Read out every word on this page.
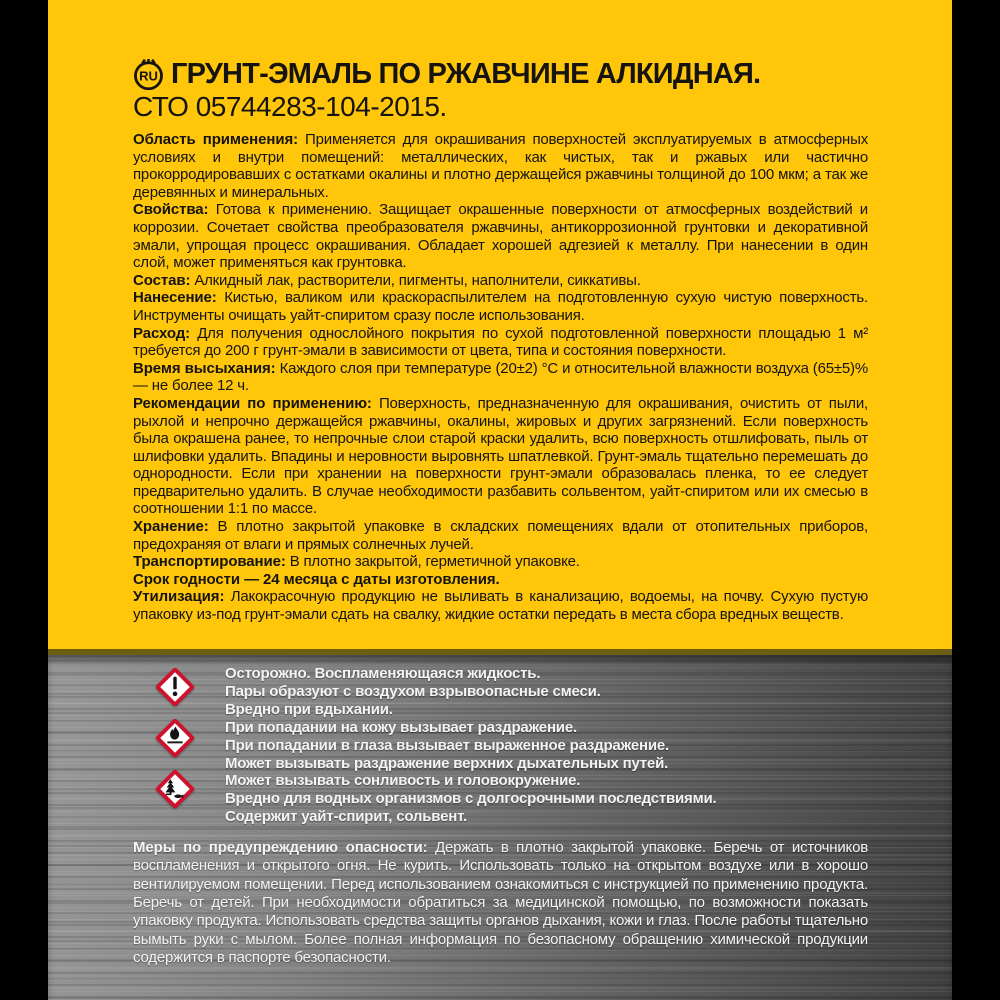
RU ГРУНТ-ЭМАЛЬ ПО РЖАВЧИНЕ АЛКИДНАЯ.
СТО 05744283-104-2015.

Область применения: Применяется для окрашивания поверхностей эксплуатируемых в атмосферных условиях и внутри помещений: металлических, как чистых, так и ржавых или частично прокорродировавших с остатками окалины и плотно держащейся ржавчины толщиной до 100 мкм; а так же деревянных и минеральных.

Свойства: Готова к применению. Защищает окрашенные поверхности от атмосферных воздействий и коррозии. Сочетает свойства преобразователя ржавчины, антикоррозионной грунтовки и декоративной эмали, упрощая процесс окрашивания. Обладает хорошей адгезией к металлу. При нанесении в один слой, может применяться как грунтовка.

Состав: Алкидный лак, растворители, пигменты, наполнители, сиккативы.

Нанесение: Кистью, валиком или краскораспылителем на подготовленную сухую чистую поверхность. Инструменты очищать уайт-спиритом сразу после использования.

Расход: Для получения однослойного покрытия по сухой подготовленной поверхности площадью 1 м² требуется до 200 г грунт-эмали в зависимости от цвета, типа и состояния поверхности.

Время высыхания: Каждого слоя при температуре (20±2) °С и относительной влажности воздуха (65±5)% — не более 12 ч.

Рекомендации по применению: Поверхность, предназначенную для окрашивания, очистить от пыли, рыхлой и непрочно держащейся ржавчины, окалины, жировых и других загрязнений. Если поверхность была окрашена ранее, то непрочные слои старой краски удалить, всю поверхность отшлифовать, пыль от шлифовки удалить. Впадины и неровности выровнять шпатлевкой. Грунт-эмаль тщательно перемешать до однородности. Если при хранении на поверхности грунт-эмали образовалась пленка, то ее следует предварительно удалить. В случае необходимости разбавить сольвентом, уайт-спиритом или их смесью в соотношении 1:1 по массе.

Хранение: В плотно закрытой упаковке в складских помещениях вдали от отопительных приборов, предохраняя от влаги и прямых солнечных лучей.

Транспортирование: В плотно закрытой, герметичной упаковке.

Срок годности — 24 месяца с даты изготовления.

Утилизация: Лакокрасочную продукцию не выливать в канализацию, водоемы, на почву. Сухую пустую упаковку из-под грунт-эмали сдать на свалку, жидкие остатки передать в места сбора вредных веществ.

Осторожно. Воспламеняющаяся жидкость.

Пары образуют с воздухом взрывоопасные смеси.

Вредно при вдыхании.

При попадании на кожу вызывает раздражение.

При попадании в глаза вызывает выраженное раздражение.

Может вызывать раздражение верхних дыхательных путей.

Может вызывать сонливость и головокружение.

Вредно для водных организмов с долгосрочными последствиями.

Содержит уайт-спирит, сольвент.

Меры по предупреждению опасности: Держать в плотно закрытой упаковке. Беречь от источников воспламенения и открытого огня. Не курить. Использовать только на открытом воздухе или в хорошо вентилируемом помещении. Перед использованием ознакомиться с инструкцией по применению продукта. Беречь от детей. При необходимости обратиться за медицинской помощью, по возможности показать упаковку продукта. Использовать средства защиты органов дыхания, кожи и глаз. После работы тщательно вымыть руки с мылом. Более полная информация по безопасному обращению химической продукции содержится в паспорте безопасности.
